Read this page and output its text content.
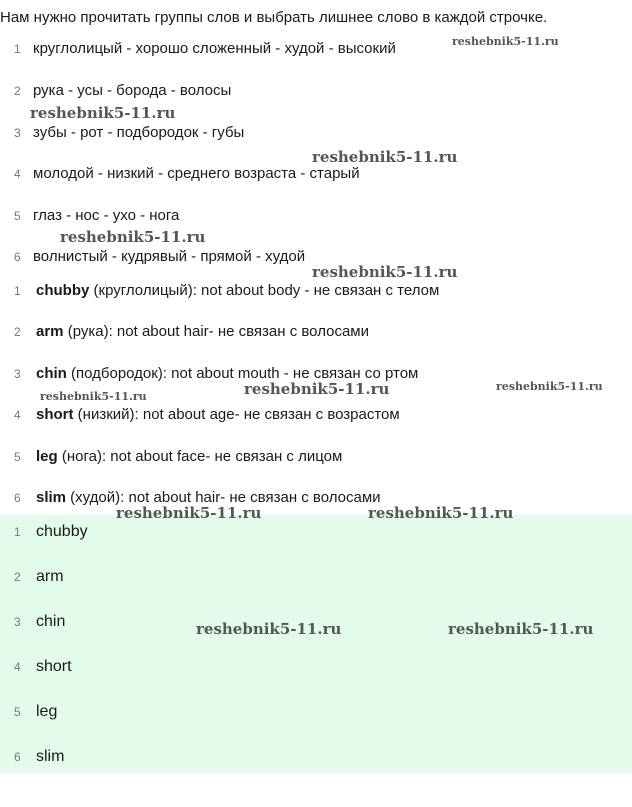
Нам нужно прочитать группы слов и выбрать лишнее слово в каждой строчке.
1 круглолицый - хорошо сложенный - худой - высокий
2 рука - усы - борода - волосы
3 зубы - рот - подбородок - губы
4 молодой - низкий - среднего возраста - старый
5 глаз - нос - ухо - нога
6 волнистый - кудрявый - прямой - худой
1 chubby (круглолицый): not about body - не связан с телом
2 arm (рука): not about hair- не связан с волосами
3 chin (подбородок): not about mouth - не связан со ртом
4 short (низкий): not about age- не связан с возрастом
5 leg (нога): not about face- не связан с лицом
6 slim (худой): not about hair- не связан с волосами
1 chubby
2 arm
3 chin
4 short
5 leg
6 slim
reshebnik5-11.ru
reshebnik5-11.ru
reshebnik5-11.ru
reshebnik5-11.ru
reshebnik5-11.ru
reshebnik5-11.ru	reshebnik5-11.ru	reshebnik5-11.ru
reshebnik5-11.ru	reshebnik5-11.ru
reshebnik5-11.ru	reshebnik5-11.ru
